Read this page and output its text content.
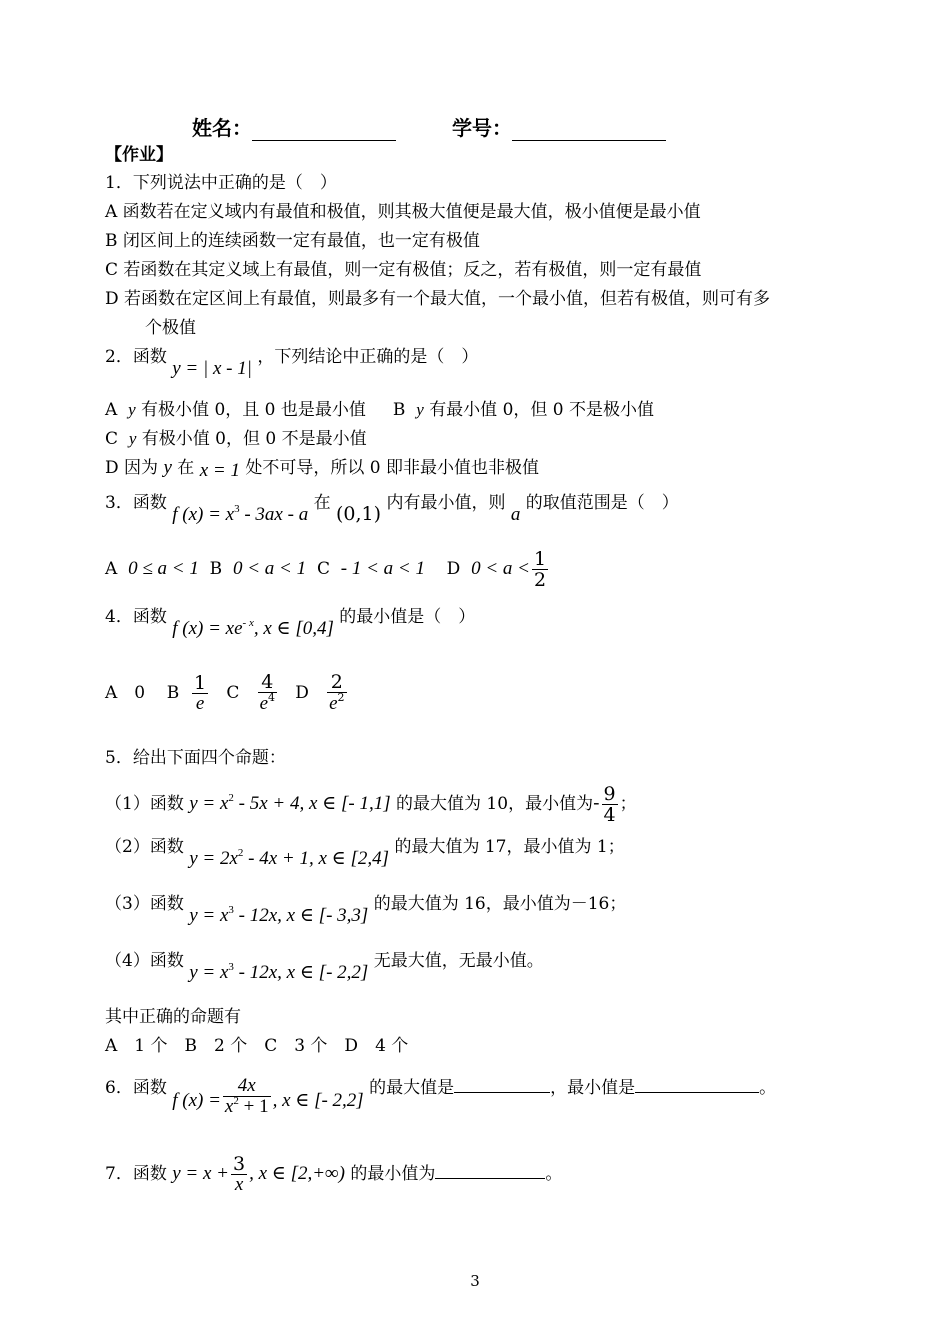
姓名：	学号：
【作业】
1．下列说法中正确的是（　）
A 函数若在定义域内有最值和极值，则其极大值便是最大值，极小值便是最小值
B 闭区间上的连续函数一定有最值，也一定有极值
C 若函数在其定义域上有最值，则一定有极值；反之，若有极值，则一定有最值
D 若函数在定区间上有最值，则最多有一个最大值，一个最小值，但若有极值，则可有多
个极值
2．函数 y = | x - 1| ，下列结论中正确的是（　）
A y 有极小值 0，且 0 也是最小值 B y 有最小值 0，但 0 不是极小值
C y 有极小值 0，但 0 不是最小值
D 因为 y 在 x = 1 处不可导，所以 0 即非最小值也非极值
3．函数 f $(x) = x^3 - 3ax - a$ 在 (0,1) 内有最小值，则 a 的取值范围是（　）
A 0 ≤ a < 1 B 0 < a < 1 C - 1 < a < 1 D $0 < a < \frac{1}{2}$
4．函数 f $(x) = xe^{- x}$, x ∈ [0,4] 的最小值是（　）
A　0 B $\frac{1}{e}$ C $\frac{4}{e^4}$ D $\frac{2}{e^2}$
5．给出下面四个命题：
（1）函数 $y = x^2 - 5x + 4$, x ∈ [- 1,1] 的最大值为 10，最小值为- $\frac{9}{4}$ ；
（2）函数 $y = 2x^2 - 4x + 1$, x ∈ [2,4] 的最大值为 17，最小值为 1；
（3）函数 $y = x^3 - 12x$, x ∈ [- 3,3] 的最大值为 16，最小值为－16；
（4）函数 $y = x^3 - 12x$, x ∈ [- 2,2] 无最大值，无最小值。
其中正确的命题有
A　1 个　B　2 个　C　3 个　D　4 个
6．函数 f $(x) = \frac{4x}{x^2 + 1}$ , x ∈ [- 2,2] 的最大值是	，最小值是	。
7．函数 $y = x + \frac{3}{x}$ , x ∈ [2,+∞) 的最小值为	。
3
